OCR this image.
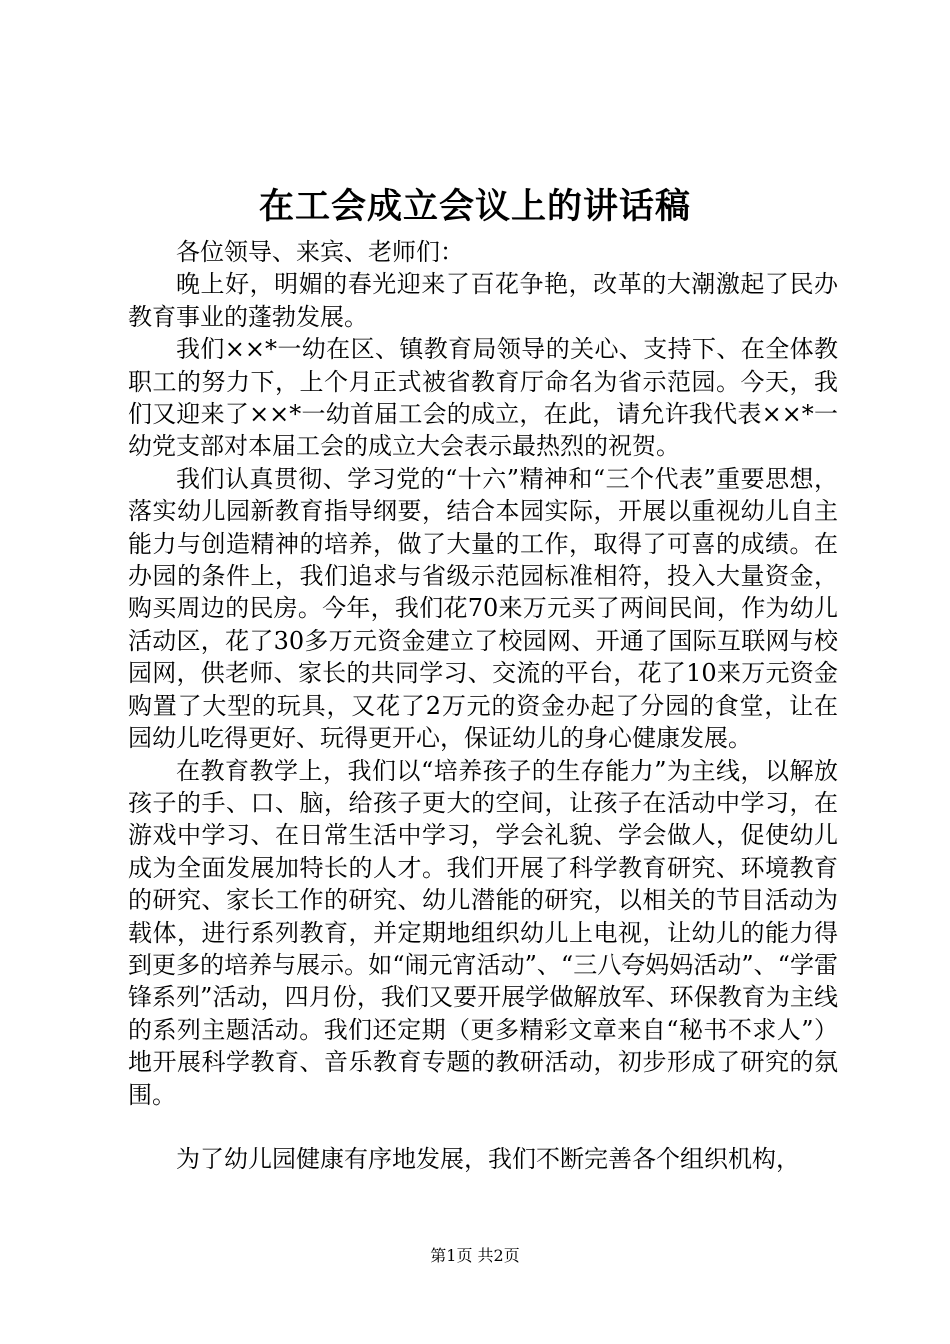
在工会成立会议上的讲话稿

各位领导、来宾、老师们：

晚上好，明媚的春光迎来了百花争艳，改革的大潮激起了民办教育事业的蓬勃发展。

我们××*一幼在区、镇教育局领导的关心、支持下、在全体教职工的努力下，上个月正式被省教育厅命名为省示范园。今天，我们又迎来了××*一幼首届工会的成立，在此，请允许我代表××*一幼党支部对本届工会的成立大会表示最热烈的祝贺。

我们认真贯彻、学习党的“十六”精神和“三个代表”重要思想，落实幼儿园新教育指导纲要，结合本园实际，开展以重视幼儿自主能力与创造精神的培养，做了大量的工作，取得了可喜的成绩。在办园的条件上，我们追求与省级示范园标准相符，投入大量资金，购买周边的民房。今年，我们花70来万元买了两间民间，作为幼儿活动区，花了30多万元资金建立了校园网、开通了国际互联网与校园网，供老师、家长的共同学习、交流的平台，花了10来万元资金购置了大型的玩具，又花了2万元的资金办起了分园的食堂，让在园幼儿吃得更好、玩得更开心，保证幼儿的身心健康发展。

在教育教学上，我们以“培养孩子的生存能力”为主线，以解放孩子的手、口、脑，给孩子更大的空间，让孩子在活动中学习，在游戏中学习、在日常生活中学习，学会礼貌、学会做人，促使幼儿成为全面发展加特长的人才。我们开展了科学教育研究、环境教育的研究、家长工作的研究、幼儿潜能的研究，以相关的节目活动为载体，进行系列教育，并定期地组织幼儿上电视，让幼儿的能力得到更多的培养与展示。如“闹元宵活动”、“三八夸妈妈活动”、“学雷锋系列”活动，四月份，我们又要开展学做解放军、环保教育为主线的系列主题活动。我们还定期（更多精彩文章来自“秘书不求人”）地开展科学教育、音乐教育专题的教研活动，初步形成了研究的氛围。

为了幼儿园健康有序地发展，我们不断完善各个组织机构，

第1页 共2页
